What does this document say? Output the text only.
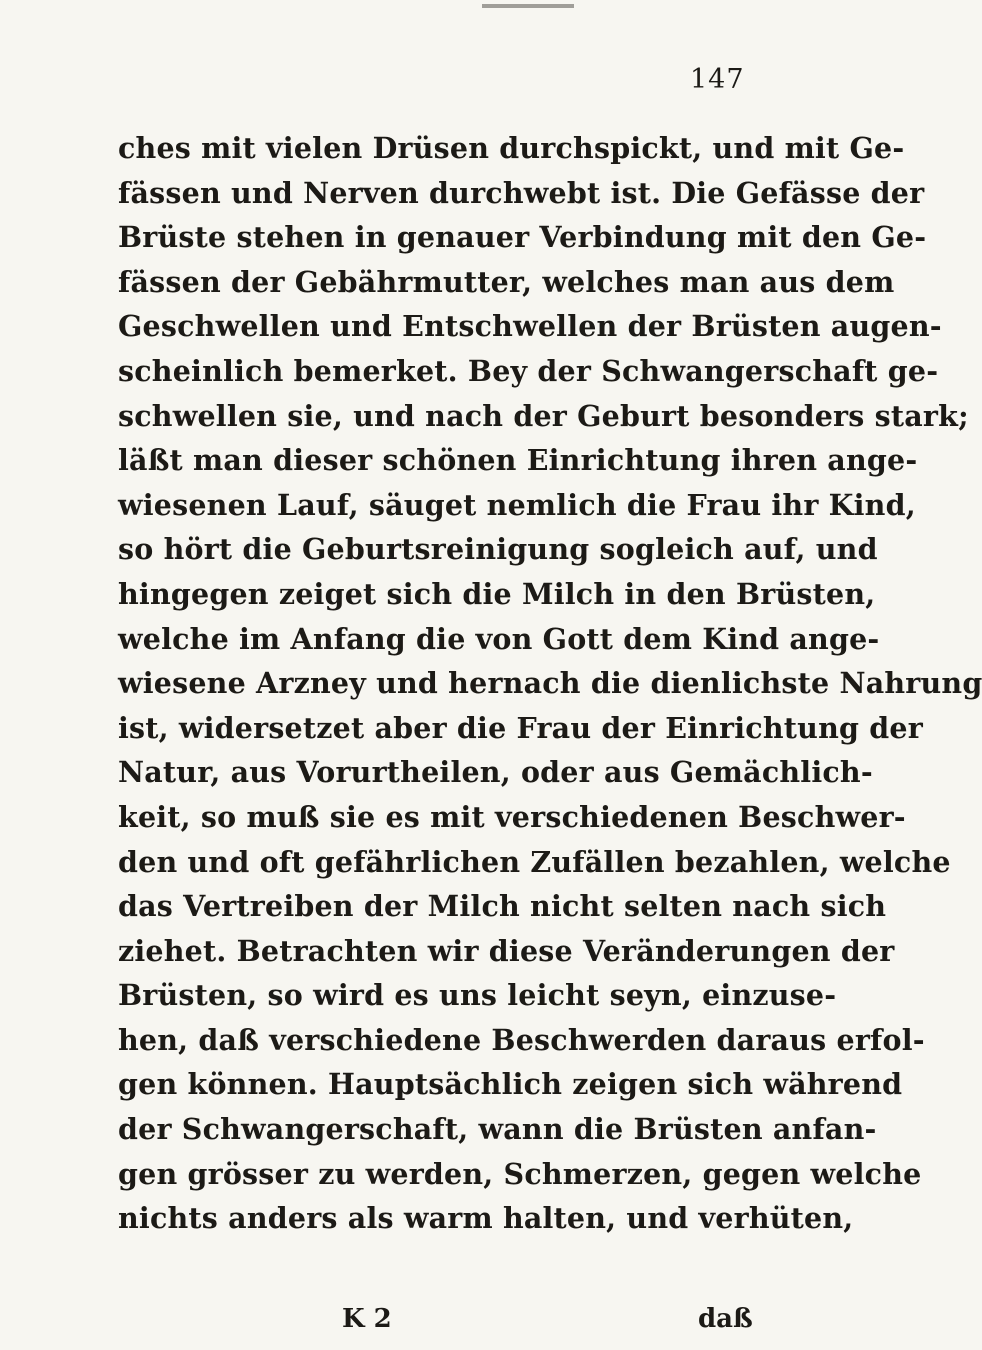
147
ches mit vielen Drüsen durchspickt, und mit Ge-
fässen und Nerven durchwebt ist. Die Gefässe der
Brüste stehen in genauer Verbindung mit den Ge-
fässen der Gebährmutter, welches man aus dem
Geschwellen und Entschwellen der Brüsten augen-
scheinlich bemerket. Bey der Schwangerschaft ge-
schwellen sie, und nach der Geburt besonders stark;
läßt man dieser schönen Einrichtung ihren ange-
wiesenen Lauf, säuget nemlich die Frau ihr Kind,
so hört die Geburtsreinigung sogleich auf, und
hingegen zeiget sich die Milch in den Brüsten,
welche im Anfang die von Gott dem Kind ange-
wiesene Arzney und hernach die dienlichste Nahrung
ist, widersetzet aber die Frau der Einrichtung der
Natur, aus Vorurtheilen, oder aus Gemächlich-
keit, so muß sie es mit verschiedenen Beschwer-
den und oft gefährlichen Zufällen bezahlen, welche
das Vertreiben der Milch nicht selten nach sich
ziehet. Betrachten wir diese Veränderungen der
Brüsten, so wird es uns leicht seyn, einzuse-
hen, daß verschiedene Beschwerden daraus erfol-
gen können. Hauptsächlich zeigen sich während
der Schwangerschaft, wann die Brüsten anfan-
gen grösser zu werden, Schmerzen, gegen welche
nichts anders als warm halten, und verhüten,
K 2	daß
